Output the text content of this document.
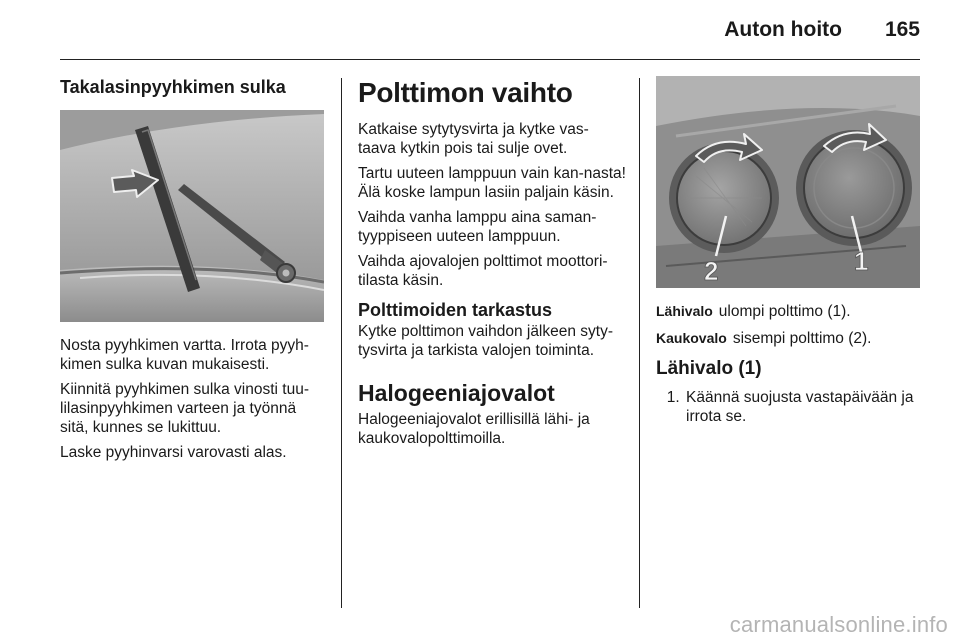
Auton hoito 165
Takalasinpyyhkimen sulka

Nosta pyyhkimen vartta. Irrota pyyh-kimen sulka kuvan mukaisesti.

Kiinnitä pyyhkimen sulka vinosti tuu-lilasinpyyhkimen varteen ja työnnä sitä, kunnes se lukittuu.

Laske pyyhinvarsi varovasti alas.

Polttimon vaihto

Katkaise sytytysvirta ja kytke vas-taava kytkin pois tai sulje ovet.

Tartu uuteen lamppuun vain kan-nasta! Älä koske lampun lasiin paljain käsin.

Vaihda vanha lamppu aina saman-tyyppiseen uuteen lamppuun.

Vaihda ajovalojen polttimot moottori-tilasta käsin.

Polttimoiden tarkastus

Kytke polttimon vaihdon jälkeen syty-tysvirta ja tarkista valojen toiminta.

Halogeeniajovalot

Halogeeniajovalot erillisillä lähi- ja kaukovalopolttimoilla.

2	1
Lähivalo ulompi polttimo (1).
Kaukovalo sisempi polttimo (2).
Lähivalo (1)
1. Käännä suojusta vastapäivään ja irrota se.
carmanualsonline.info
